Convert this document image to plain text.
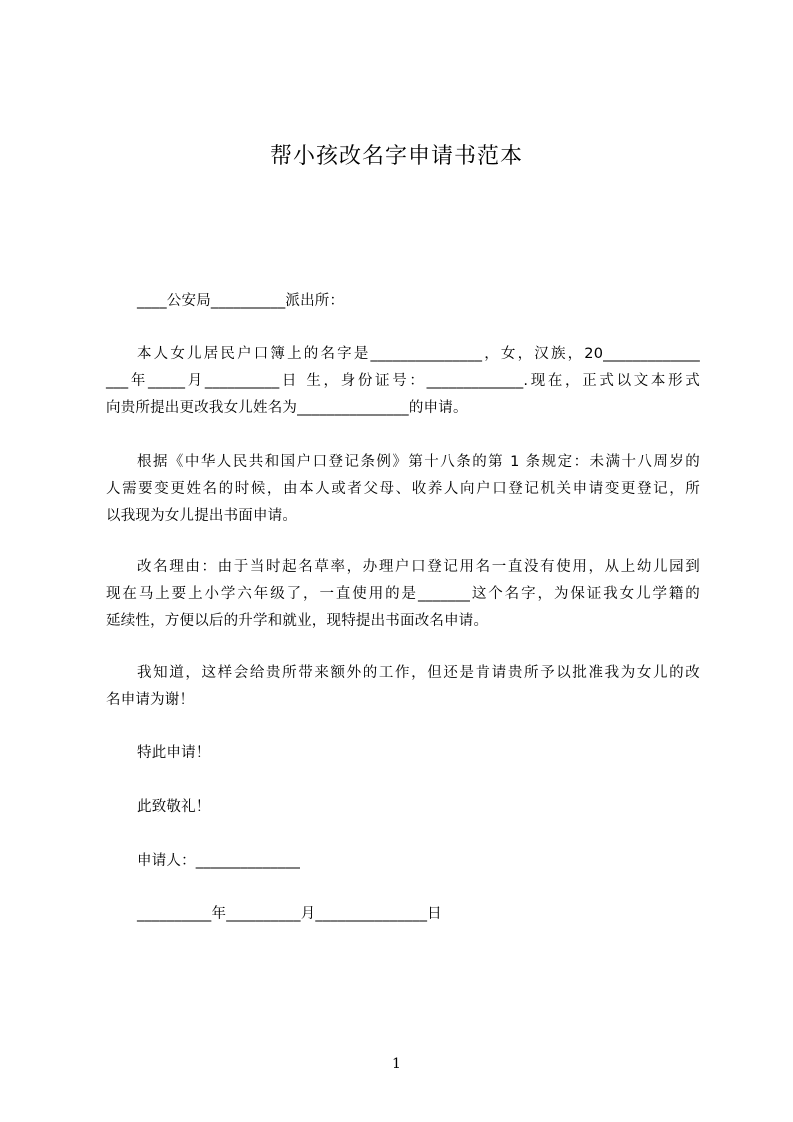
帮小孩改名字申请书范本
____公安局__________派出所：
本人女儿居民户口簿上的名字是_______________，女，汉族，20_____________
___年_____月__________日 生，身份证号：_____________.现在，正式以文本形式
向贵所提出更改我女儿姓名为_______________的申请。
根据《中华人民共和国户口登记条例》第十八条的第 1 条规定：未满十八周岁的
人需要变更姓名的时候，由本人或者父母、收养人向户口登记机关申请变更登记，所
以我现为女儿提出书面申请。
改名理由：由于当时起名草率，办理户口登记用名一直没有使用，从上幼儿园到
现在马上要上小学六年级了，一直使用的是_______这个名字，为保证我女儿学籍的
延续性，方便以后的升学和就业，现特提出书面改名申请。
我知道，这样会给贵所带来额外的工作，但还是肯请贵所予以批准我为女儿的改
名申请为谢！
特此申请！
此致敬礼！
申请人：______________
__________年__________月_______________日
1
